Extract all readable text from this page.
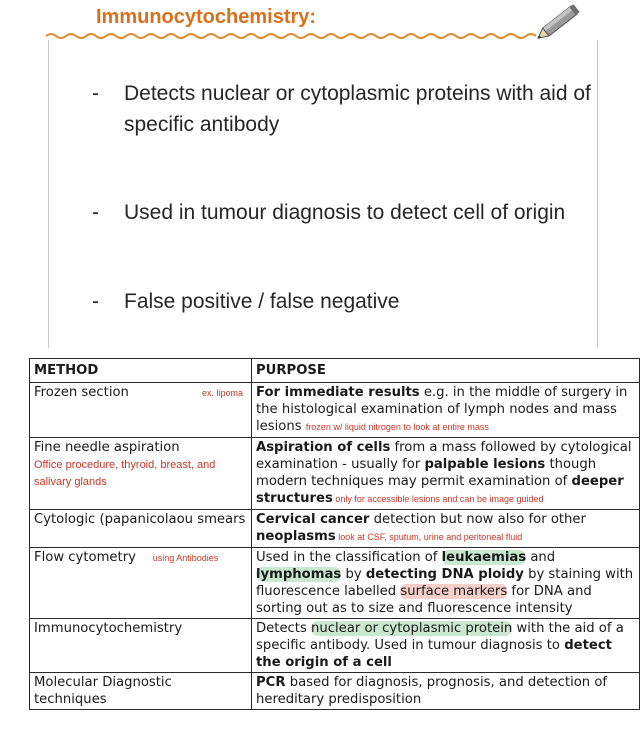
Immunocytochemistry:
- Detects nuclear or cytoplasmic proteins with aid of specific antibody
- Used in tumour diagnosis to detect cell of origin
- False positive / false negative
METHOD	PURPOSE
Frozen section ex. lipoma	For immediate results e.g. in the middle of surgery in the histological examination of lymph nodes and mass lesions frozen w/ liquid nitrogen to look at entire mass
Fine needle aspiration
Office procedure, thyroid, breast, and salivary glands	Aspiration of cells from a mass followed by cytological examination - usually for palpable lesions though modern techniques may permit examination of deeper structures only for accessible lesions and can be image guided
Cytologic (papanicolaou smears	Cervical cancer detection but now also for other neoplasms look at CSF, sputum, urine and peritoneal fluid
Flow cytometry using Antibodies	Used in the classification of leukaemias and lymphomas by detecting DNA ploidy by staining with fluorescence labelled surface markers for DNA and sorting out as to size and fluorescence intensity
Immunocytochemistry	Detects nuclear or cytoplasmic protein with the aid of a specific antibody. Used in tumour diagnosis to detect the origin of a cell
Molecular Diagnostic techniques	PCR based for diagnosis, prognosis, and detection of hereditary predisposition
